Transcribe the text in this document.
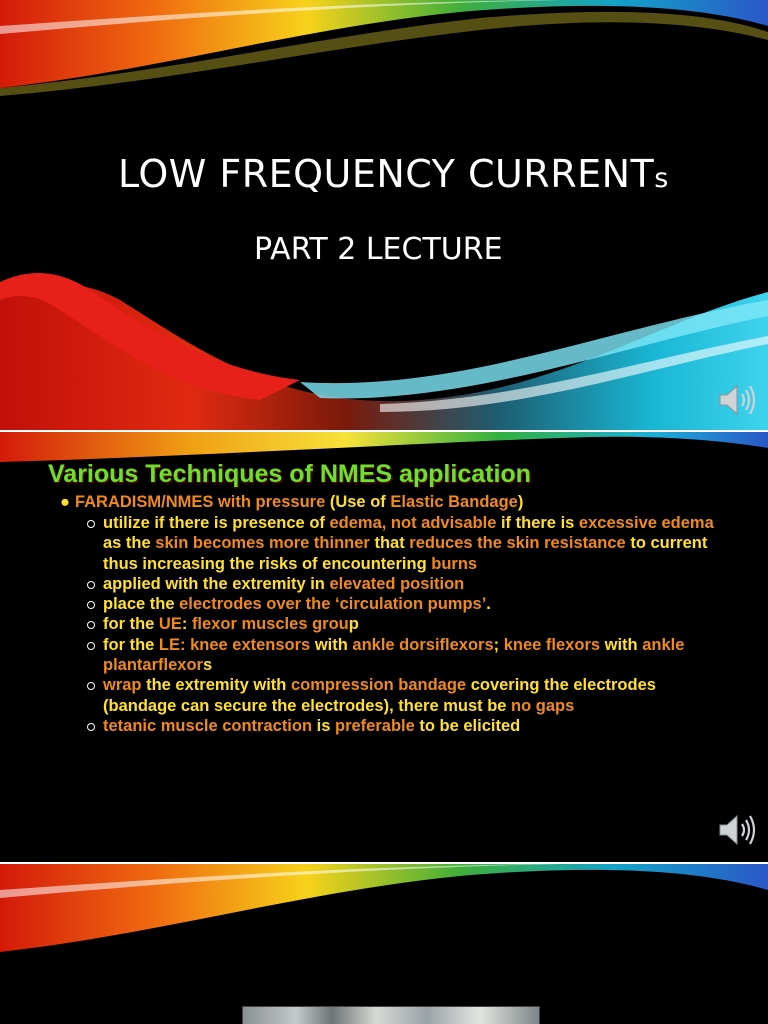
LOW FREQUENCY CURRENTs
PART 2 LECTURE
Various Techniques of NMES application
● FARADISM/NMES with pressure (Use of Elastic Bandage)
utilize if there is presence of edema, not advisable if there is excessive edema as the skin becomes more thinner that reduces the skin resistance to current thus increasing the risks of encountering burns
applied with the extremity in elevated position
place the electrodes over the ‘circulation pumps’.
for the UE: flexor muscles group
for the LE: knee extensors with ankle dorsiflexors; knee flexors with ankle plantarflexors
wrap the extremity with compression bandage covering the electrodes (bandage can secure the electrodes), there must be no gaps
tetanic muscle contraction is preferable to be elicited
